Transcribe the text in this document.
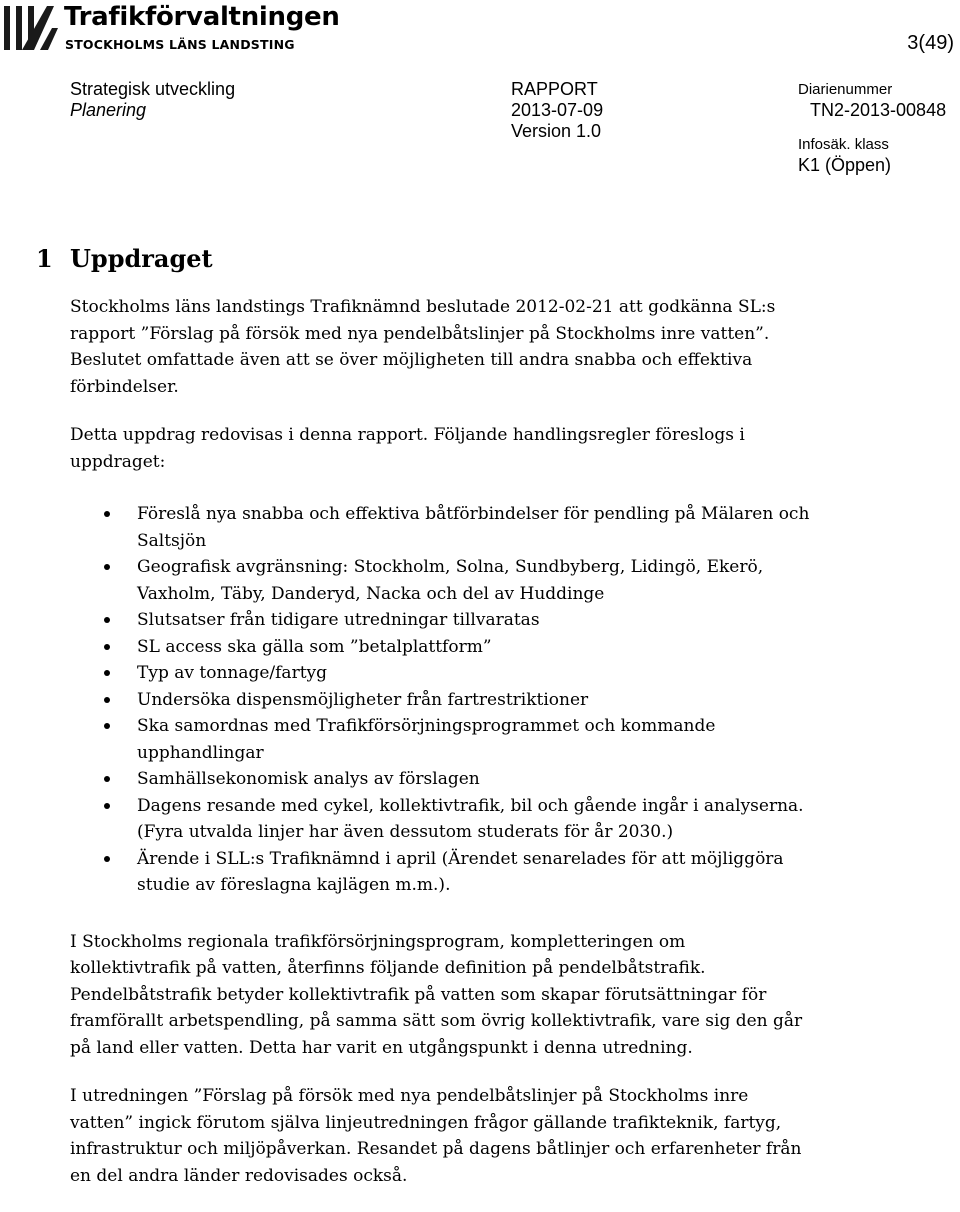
Trafikförvaltningen
STOCKHOLMS LÄNS LANDSTING	3(49)
Strategisk utveckling
Planering
RAPPORT
2013-07-09
Version 1.0
Diarienummer
TN2-2013-00848
Infosäk. klass
K1 (Öppen)
1 Uppdraget

Stockholms läns landstings Trafiknämnd beslutade 2012-02-21 att godkänna SL:s rapport ”Förslag på försök med nya pendelbåtslinjer på Stockholms inre vatten”. Beslutet omfattade även att se över möjligheten till andra snabba och effektiva förbindelser.

Detta uppdrag redovisas i denna rapport. Följande handlingsregler föreslogs i uppdraget:

Föreslå nya snabba och effektiva båtförbindelser för pendling på Mälaren och Saltsjön
Geografisk avgränsning: Stockholm, Solna, Sundbyberg, Lidingö, Ekerö, Vaxholm, Täby, Danderyd, Nacka och del av Huddinge
Slutsatser från tidigare utredningar tillvaratas
SL access ska gälla som ”betalplattform”
Typ av tonnage/fartyg
Undersöka dispensmöjligheter från fartrestriktioner
Ska samordnas med Trafikförsörjningsprogrammet och kommande upphandlingar
Samhällsekonomisk analys av förslagen
Dagens resande med cykel, kollektivtrafik, bil och gående ingår i analyserna. (Fyra utvalda linjer har även dessutom studerats för år 2030.)
Ärende i SLL:s Trafiknämnd i april (Ärendet senarelades för att möjliggöra studie av föreslagna kajlägen m.m.).

I Stockholms regionala trafikförsörjningsprogram, kompletteringen om kollektivtrafik på vatten, återfinns följande definition på pendelbåtstrafik. Pendelbåtstrafik betyder kollektivtrafik på vatten som skapar förutsättningar för framförallt arbetspendling, på samma sätt som övrig kollektivtrafik, vare sig den går på land eller vatten. Detta har varit en utgångspunkt i denna utredning.

I utredningen ”Förslag på försök med nya pendelbåtslinjer på Stockholms inre vatten” ingick förutom själva linjeutredningen frågor gällande trafikteknik, fartyg, infrastruktur och miljöpåverkan. Resandet på dagens båtlinjer och erfarenheter från en del andra länder redovisades också.
